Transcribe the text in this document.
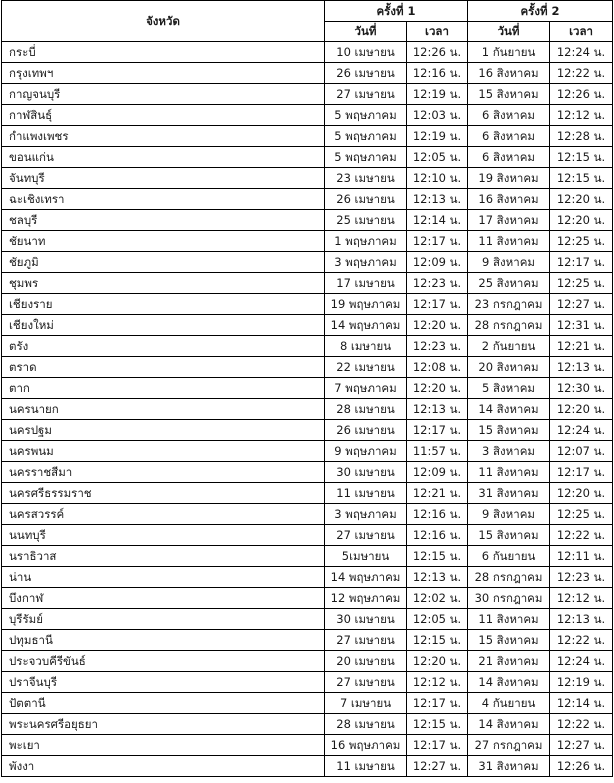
จังหวัด	ครั้งที่ 1		ครั้งที่ 2	
	วันที่	เวลา	วันที่	เวลา
กระบี่	10 เมษายน	12:26 น.	1 กันยายน	12:24 น.
กรุงเทพฯ	26 เมษายน	12:16 น.	16 สิงหาคม	12:22 น.
กาญจนบุรี	27 เมษายน	12:19 น.	15 สิงหาคม	12:26 น.
กาฬสินธุ์	5 พฤษภาคม	12:03 น.	6 สิงหาคม	12:12 น.
กำแพงเพชร	5 พฤษภาคม	12:19 น.	6 สิงหาคม	12:28 น.
ขอนแก่น	5 พฤษภาคม	12:05 น.	6 สิงหาคม	12:15 น.
จันทบุรี	23 เมษายน	12:10 น.	19 สิงหาคม	12:15 น.
ฉะเชิงเทรา	26 เมษายน	12:13 น.	16 สิงหาคม	12:20 น.
ชลบุรี	25 เมษายน	12:14 น.	17 สิงหาคม	12:20 น.
ชัยนาท	1 พฤษภาคม	12:17 น.	11 สิงหาคม	12:25 น.
ชัยภูมิ	3 พฤษภาคม	12:09 น.	9 สิงหาคม	12:17 น.
ชุมพร	17 เมษายน	12:23 น.	25 สิงหาคม	12:25 น.
เชียงราย	19 พฤษภาคม	12:17 น.	23 กรกฎาคม	12:27 น.
เชียงใหม่	14 พฤษภาคม	12:20 น.	28 กรกฎาคม	12:31 น.
ตรัง	8 เมษายน	12:23 น.	2 กันยายน	12:21 น.
ตราด	22 เมษายน	12:08 น.	20 สิงหาคม	12:13 น.
ตาก	7 พฤษภาคม	12:20 น.	5 สิงหาคม	12:30 น.
นครนายก	28 เมษายน	12:13 น.	14 สิงหาคม	12:20 น.
นครปฐม	26 เมษายน	12:17 น.	15 สิงหาคม	12:24 น.
นครพนม	9 พฤษภาคม	11:57 น.	3 สิงหาคม	12:07 น.
นครราชสีมา	30 เมษายน	12:09 น.	11 สิงหาคม	12:17 น.
นครศรีธรรมราช	11 เมษายน	12:21 น.	31 สิงหาคม	12:20 น.
นครสวรรค์	3 พฤษภาคม	12:16 น.	9 สิงหาคม	12:25 น.
นนทบุรี	27 เมษายน	12:16 น.	15 สิงหาคม	12:22 น.
นราธิวาส	5เมษายน	12:15 น.	6 กันยายน	12:11 น.
น่าน	14 พฤษภาคม	12:13 น.	28 กรกฎาคม	12:23 น.
บึงกาฬ	12 พฤษภาคม	12:02 น.	30 กรกฎาคม	12:12 น.
บุรีรัมย์	30 เมษายน	12:05 น.	11 สิงหาคม	12:13 น.
ปทุมธานี	27 เมษายน	12:15 น.	15 สิงหาคม	12:22 น.
ประจวบคีรีขันธ์	20 เมษายน	12:20 น.	21 สิงหาคม	12:24 น.
ปราจีนบุรี	27 เมษายน	12:12 น.	14 สิงหาคม	12:19 น.
ปัตตานี	7 เมษายน	12:17 น.	4 กันยายน	12:14 น.
พระนครศรีอยุธยา	28 เมษายน	12:15 น.	14 สิงหาคม	12:22 น.
พะเยา	16 พฤษภาคม	12:17 น.	27 กรกฎาคม	12:27 น.
พังงา	11 เมษายน	12:27 น.	31 สิงหาคม	12:26 น.
